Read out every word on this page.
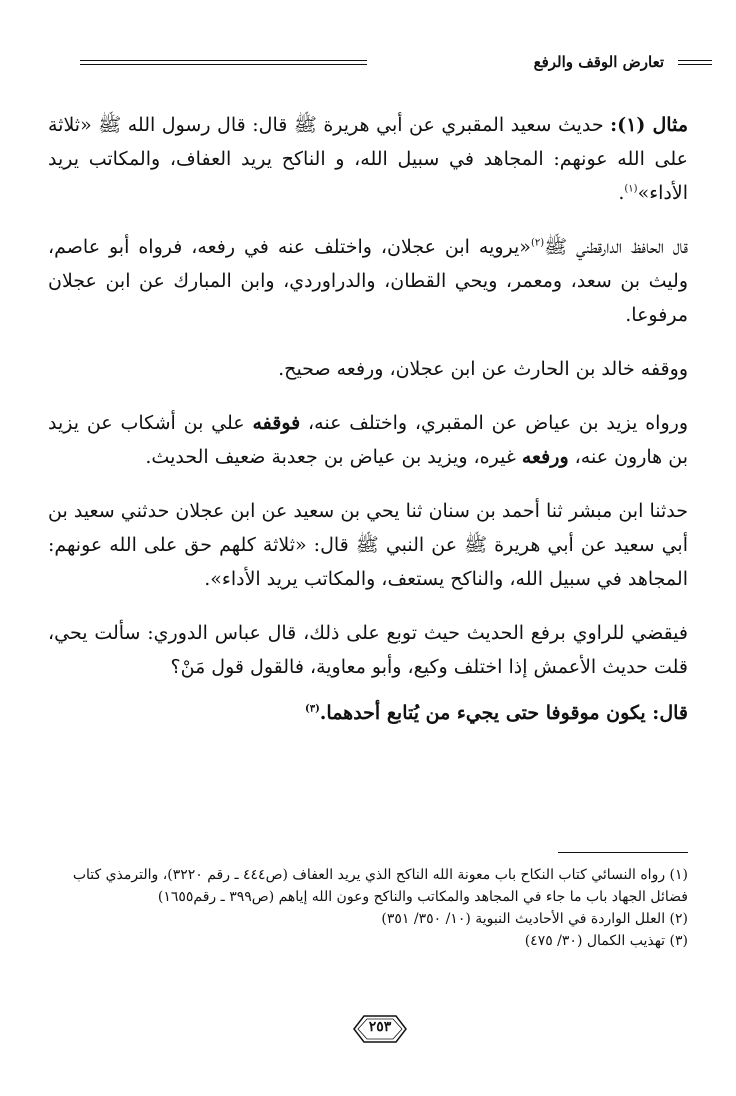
تعارض الوقف والرفع

مثال (١): حديث سعيد المقبري عن أبي هريرة ﷺ قال: قال رسول الله ﷺ «ثلاثة على الله عونهم: المجاهد في سبيل الله، و الناكح يريد العفاف، والمكاتب يريد الأداء»$^{(١)}$.

قال الحافظ الدارقطني ﷺ$^{(٢)}$«يرويه ابن عجلان، واختلف عنه في رفعه، فرواه أبو عاصم، وليث بن سعد، ومعمر، ويحي القطان، والدراوردي، وابن المبارك عن ابن عجلان مرفوعا.

ووقفه خالد بن الحارث عن ابن عجلان، ورفعه صحيح.

ورواه يزيد بن عياض عن المقبري، واختلف عنه، فوقفه علي بن أشكاب عن يزيد بن هارون عنه، ورفعه غيره، ويزيد بن عياض بن جعدبة ضعيف الحديث.

حدثنا ابن مبشر ثنا أحمد بن سنان ثنا يحي بن سعيد عن ابن عجلان حدثني سعيد بن أبي سعيد عن أبي هريرة ﷺ عن النبي ﷺ قال: «ثلاثة كلهم حق على الله عونهم: المجاهد في سبيل الله، والناكح يستعف، والمكاتب يريد الأداء».

فيقضي للراوي برفع الحديث حيث توبع على ذلك، قال عباس الدوري: سألت يحي، قلت حديث الأعمش إذا اختلف وكيع، وأبو معاوية، فالقول قول مَنْ؟

قال: يكون موقوفا حتى يجيء من يُتابع أحدهما.$^{(٣)}$

(١) رواه النسائي كتاب النكاح باب معونة الله الناكح الذي يريد العفاف (ص٤٤٤ ـ رقم ٣٢٢٠)، والترمذي كتاب فضائل الجهاد باب ما جاء في المجاهد والمكاتب والناكح وعون الله إياهم (ص٣٩٩ ـ رقم١٦٥٥)

(٢) العلل الواردة في الأحاديث النبوية (١٠/ ٣٥٠/ ٣٥١)

(٣) تهذيب الكمال (٣٠/ ٤٧٥)

٢٥٣
